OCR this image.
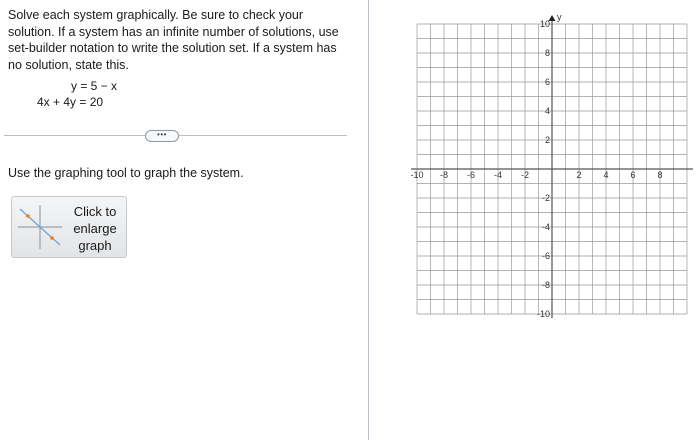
Solve each system graphically. Be sure to check your solution. If a system has an infinite number of solutions, use set-builder notation to write the solution set. If a system has no solution, state this.

y = 5 − x
4x + 4y = 20
•••
Use the graphing tool to graph the system.
Click to
enlarge
graph
-10 -8 -6 -4 -2	2 4 6 8
10
8
6
4
2
-2
-4
-6
-8
-10
y
